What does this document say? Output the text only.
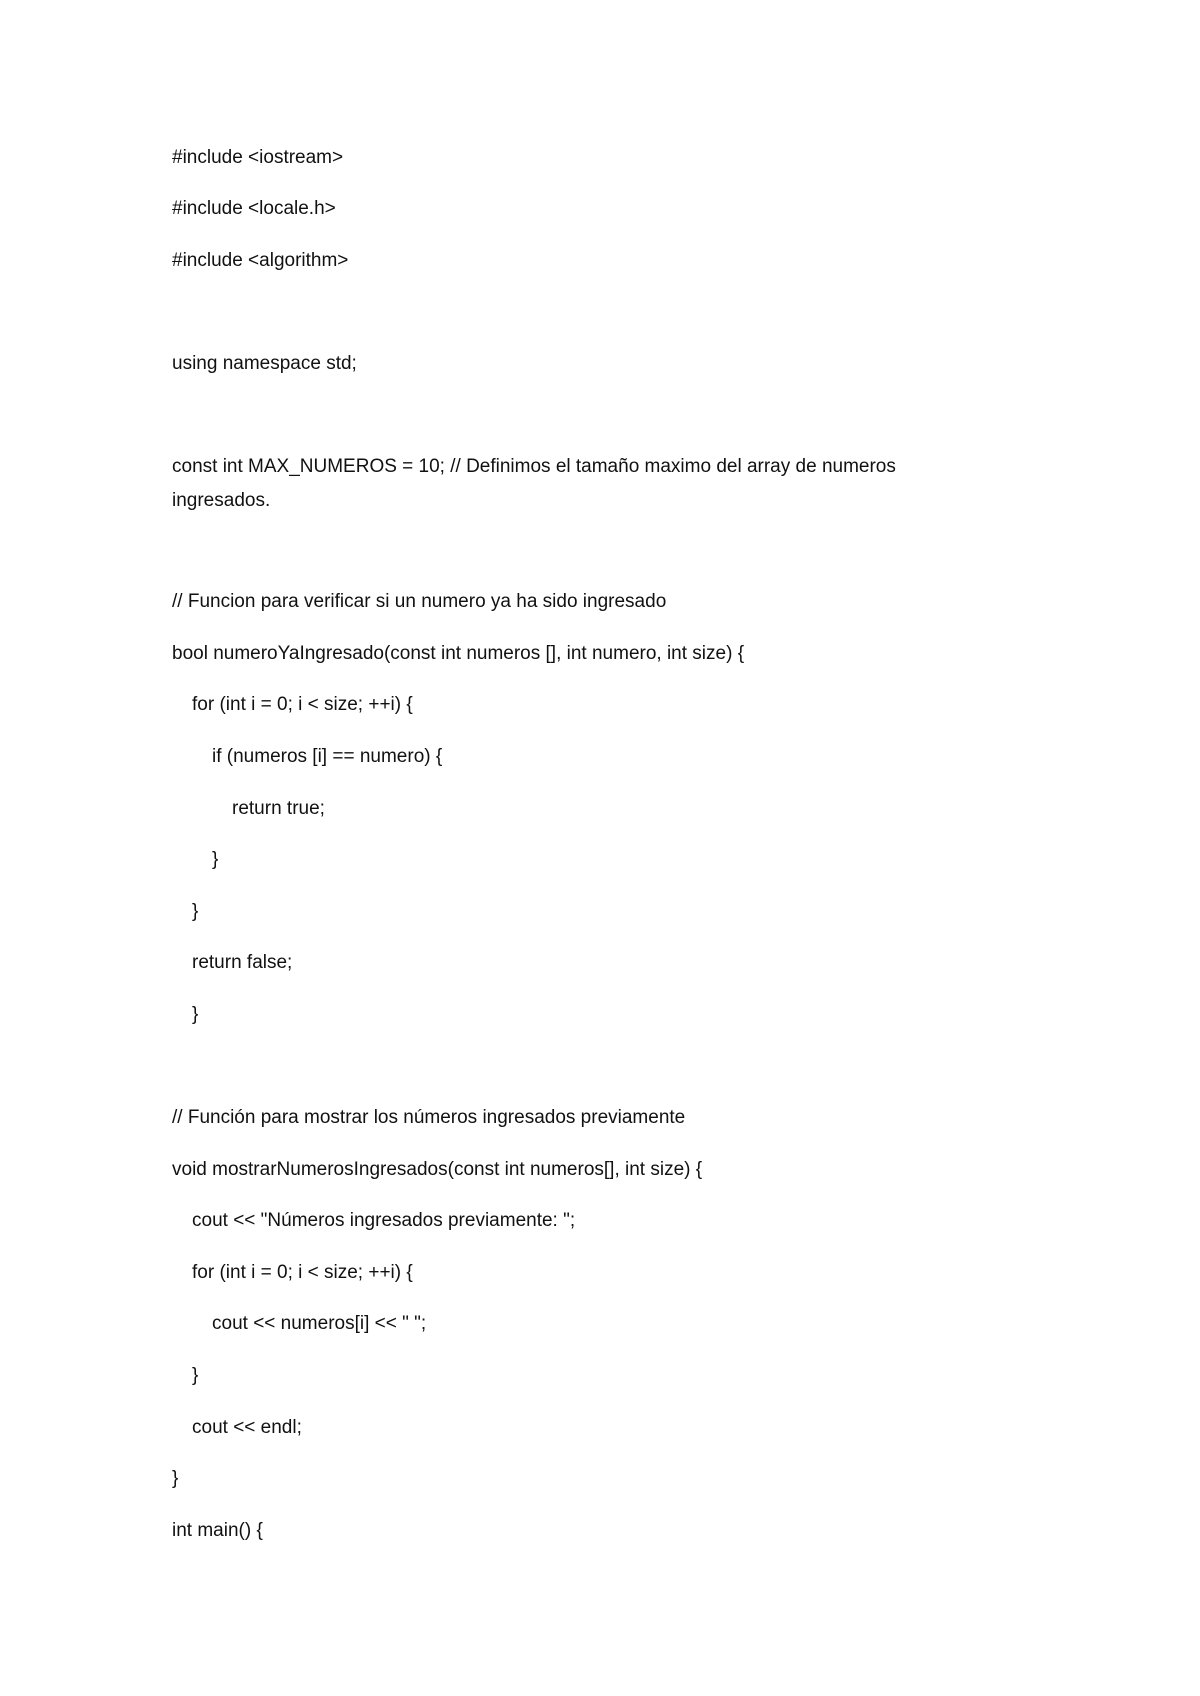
#include <iostream>

#include <locale.h>

#include <algorithm>

using namespace std;

const int MAX_NUMEROS = 10; // Definimos el tamaño maximo del array de numeros

ingresados.

// Funcion para verificar si un numero ya ha sido ingresado

bool numeroYaIngresado(const int numeros [], int numero, int size) {

for (int i = 0; i < size; ++i) {

if (numeros [i] == numero) {

return true;

}

}

return false;

}

// Función para mostrar los números ingresados previamente

void mostrarNumerosIngresados(const int numeros[], int size) {

cout << "Números ingresados previamente: ";

for (int i = 0; i < size; ++i) {

cout << numeros[i] << " ";

}

cout << endl;

}

int main() {
